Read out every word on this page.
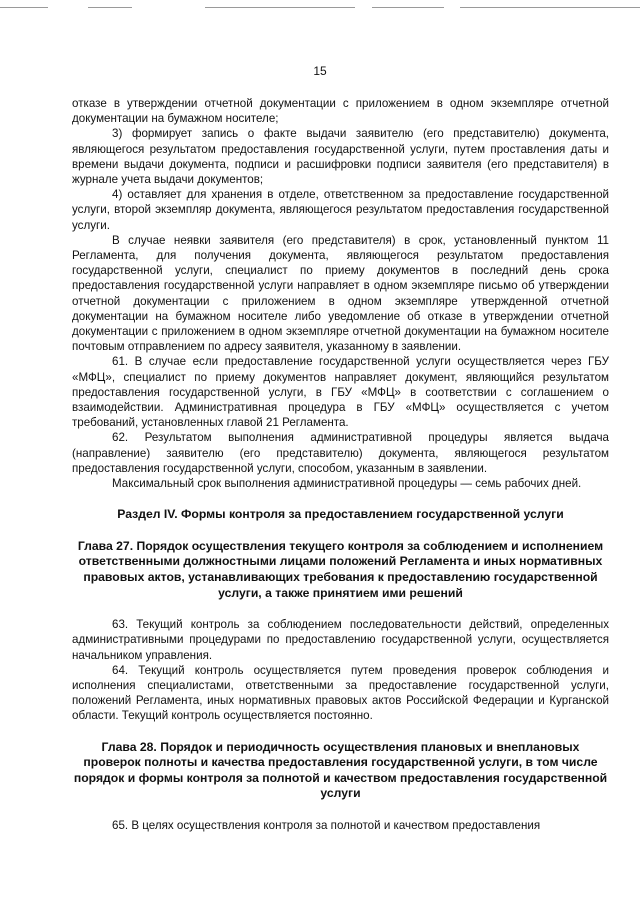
15

отказе в утверждении отчетной документации с приложением в одном экземпляре отчетной документации на бумажном носителе;

3) формирует запись о факте выдачи заявителю (его представителю) документа, являющегося результатом предоставления государственной услуги, путем проставления даты и времени выдачи документа, подписи и расшифровки подписи заявителя (его представителя) в журнале учета выдачи документов;

4) оставляет для хранения в отделе, ответственном за предоставление государственной услуги, второй экземпляр документа, являющегося результатом предоставления государственной услуги.

В случае неявки заявителя (его представителя) в срок, установленный пунктом 11 Регламента, для получения документа, являющегося результатом предоставления государственной услуги, специалист по приему документов в последний день срока предоставления государственной услуги направляет в одном экземпляре письмо об утверждении отчетной документации с приложением в одном экземпляре утвержденной отчетной документации на бумажном носителе либо уведомление об отказе в утверждении отчетной документации с приложением в одном экземпляре отчетной документации на бумажном носителе почтовым отправлением по адресу заявителя, указанному в заявлении.

61. В случае если предоставление государственной услуги осуществляется через ГБУ «МФЦ», специалист по приему документов направляет документ, являющийся результатом предоставления государственной услуги, в ГБУ «МФЦ» в соответствии с соглашением о взаимодействии. Административная процедура в ГБУ «МФЦ» осуществляется с учетом требований, установленных главой 21 Регламента.

62. Результатом выполнения административной процедуры является выдача (направление) заявителю (его представителю) документа, являющегося результатом предоставления государственной услуги, способом, указанным в заявлении.

Максимальный срок выполнения административной процедуры — семь рабочих дней.

Раздел IV. Формы контроля за предоставлением государственной услуги

Глава 27. Порядок осуществления текущего контроля за соблюдением и исполнением ответственными должностными лицами положений Регламента и иных нормативных правовых актов, устанавливающих требования к предоставлению государственной услуги, а также принятием ими решений

63. Текущий контроль за соблюдением последовательности действий, определенных административными процедурами по предоставлению государственной услуги, осуществляется начальником управления.

64. Текущий контроль осуществляется путем проведения проверок соблюдения и исполнения специалистами, ответственными за предоставление государственной услуги, положений Регламента, иных нормативных правовых актов Российской Федерации и Курганской области. Текущий контроль осуществляется постоянно.

Глава 28. Порядок и периодичность осуществления плановых и внеплановых проверок полноты и качества предоставления государственной услуги, в том числе порядок и формы контроля за полнотой и качеством предоставления государственной услуги

65. В целях осуществления контроля за полнотой и качеством предоставления
